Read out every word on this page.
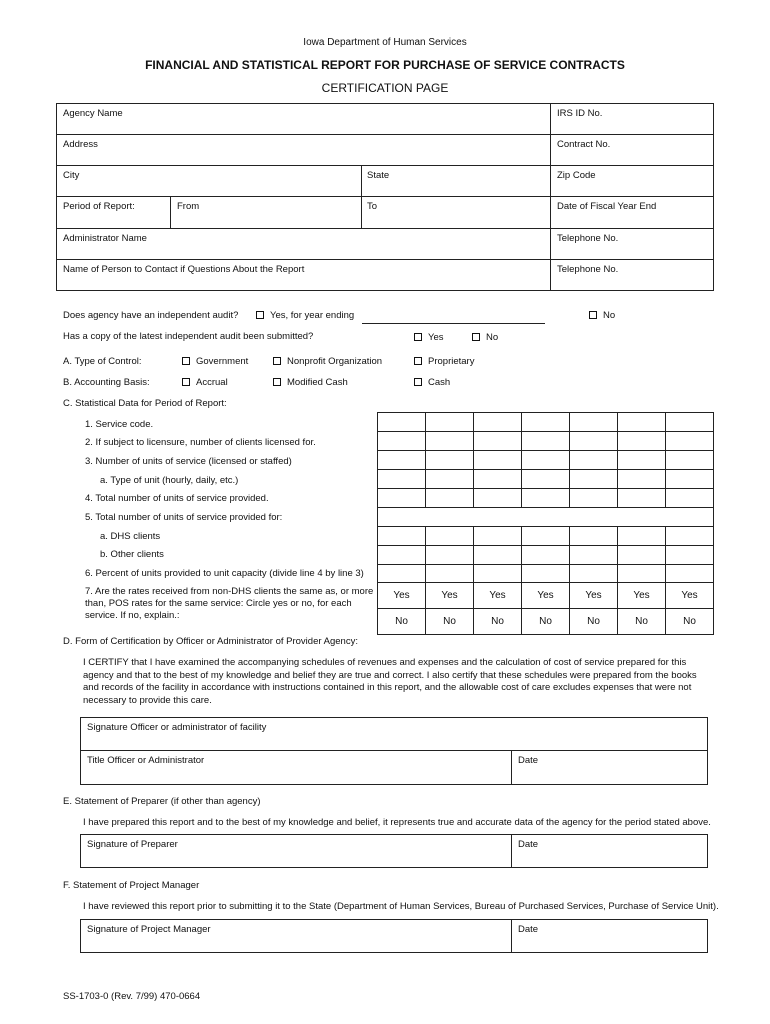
Iowa Department of Human Services
FINANCIAL AND STATISTICAL REPORT FOR PURCHASE OF SERVICE CONTRACTS
CERTIFICATION PAGE
Agency Name	IRS ID No.
Address	Contract No.
City	State	Zip Code
Period of Report:	From	To	Date of Fiscal Year End
Administrator Name	Telephone No.
Name of Person to Contact if Questions About the Report	Telephone No.
Does agency have an independent audit?	Yes, for year ending	No
Has a copy of the latest independent audit been submitted?	Yes	No
A. Type of Control:	Government	Nonprofit Organization	Proprietary
B. Accounting Basis:	Accrual	Modified Cash	Cash
C. Statistical Data for Period of Report:
1. Service code.
2. If subject to licensure, number of clients licensed for.
3. Number of units of service (licensed or staffed)
a. Type of unit (hourly, daily, etc.)
4. Total number of units of service provided.
5. Total number of units of service provided for:
a. DHS clients
b. Other clients
6. Percent of units provided to unit capacity (divide line 4 by line 3)
7. Are the rates received from non-DHS clients the same as, or more than, POS rates for the same service: Circle yes or no, for each service. If no, explain.:

Yes	Yes	Yes	Yes	Yes	Yes	Yes
No	No	No	No	No	No	No
D. Form of Certification by Officer or Administrator of Provider Agency:
I CERTIFY that I have examined the accompanying schedules of revenues and expenses and the calculation of cost of service prepared for this agency and that to the best of my knowledge and belief they are true and correct. I also certify that these schedules were prepared from the books and records of the facility in accordance with instructions contained in this report, and the allowable cost of care excludes expenses that were not necessary to provide this care.
Signature Officer or administrator of facility
Title Officer or Administrator	Date
E. Statement of Preparer (if other than agency)
I have prepared this report and to the best of my knowledge and belief, it represents true and accurate data of the agency for the period stated above.
Signature of Preparer	Date
F. Statement of Project Manager
I have reviewed this report prior to submitting it to the State (Department of Human Services, Bureau of Purchased Services, Purchase of Service Unit).
Signature of Project Manager	Date
SS-1703-0 (Rev. 7/99) 470-0664
